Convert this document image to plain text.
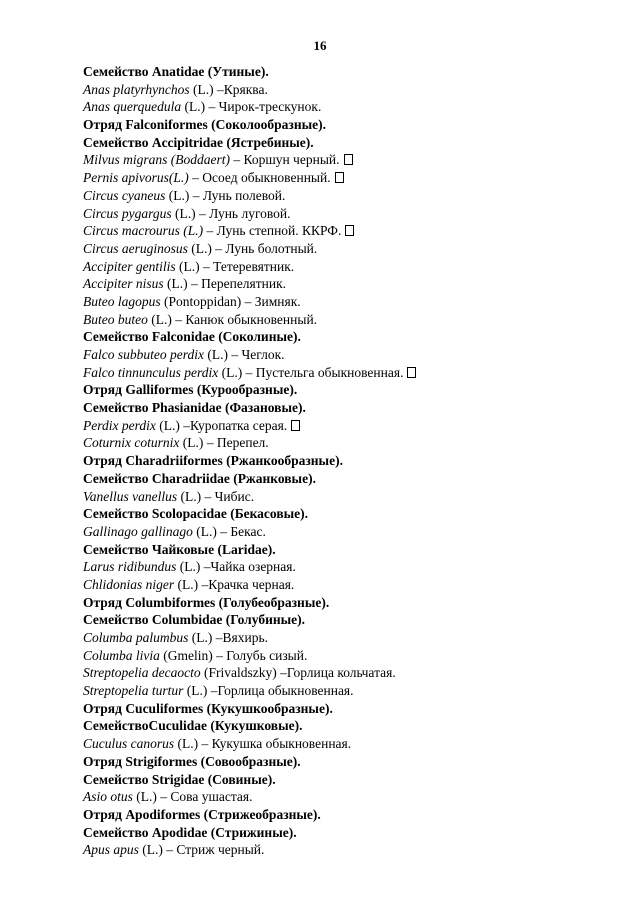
16
Семейство Anatidae (Утиные).
Anas platyrhynchos (L.) –Кряква.
Anas querquedula (L.) – Чирок-трескунок.
Отряд Falconiformes (Соколообразные).
Семейство Accipitridae (Ястребиные).
Milvus migrans (Boddaert) – Коршун черный.
Pernis apivorus(L.) – Осоед обыкновенный.
Circus cyaneus (L.) – Лунь полевой.
Circus pygargus (L.) – Лунь луговой.
Circus macrourus (L.) – Лунь степной. ККРФ.
Circus aeruginosus (L.) – Лунь болотный.
Accipiter gentilis (L.) – Тетеревятник.
Accipiter nisus (L.) – Перепелятник.
Buteo lagopus (Pontoppidan) – Зимняк.
Buteo buteo (L.) – Канюк обыкновенный.
Семейство Falconidae (Соколиные).
Falco subbuteo perdix (L.) – Чеглок.
Falco tinnunculus perdix (L.) – Пустельга обыкновенная.
Отряд Galliformes (Курообразные).
Семейство Phasianidae (Фазановые).
Perdix perdix (L.) –Куропатка серая.
Coturnix coturnix (L.) – Перепел.
Отряд Charadriiformes (Ржанкообразные).
Семейство Charadriidae (Ржанковые).
Vanellus vanellus (L.) – Чибис.
Семейство Scolopacidae (Бекасовые).
Gallinago gallinago (L.) – Бекас.
Семейство Чайковые (Laridae).
Larus ridibundus (L.) –Чайка озерная.
Chlidonias niger (L.) –Крачка черная.
Отряд Columbiformes (Голубеобразные).
Семейство Columbidae (Голубиные).
Columba palumbus (L.) –Вяхирь.
Columba livia (Gmelin) – Голубь сизый.
Streptopelia decaocto (Frivaldszky) –Горлица кольчатая.
Streptopelia turtur (L.) –Горлица обыкновенная.
Отряд Cuculiformes (Кукушкообразные).
СемействоCuculidae (Кукушковые).
Cuculus canorus (L.) – Кукушка обыкновенная.
Отряд Strigiformes (Совообразные).
Семейство Strigidae (Совиные).
Asio otus (L.) – Сова ушастая.
Отряд Apodiformes (Стрижеобразные).
Семейство Apodidae (Стрижиные).
Apus apus (L.) – Стриж черный.
